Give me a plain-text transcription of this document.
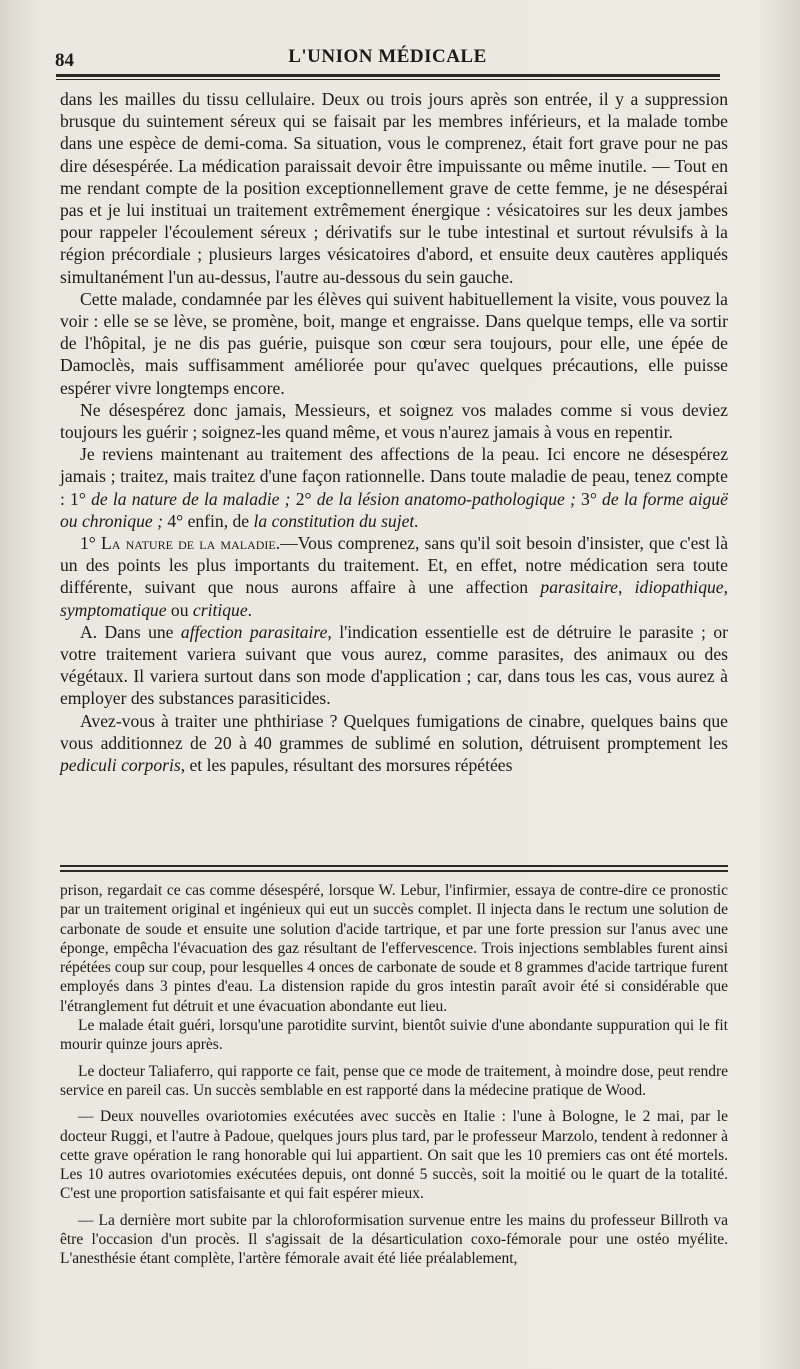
84	L'UNION MÉDICALE

dans les mailles du tissu cellulaire. Deux ou trois jours après son entrée, il y a suppression brusque du suintement séreux qui se faisait par les membres inférieurs, et la malade tombe dans une espèce de demi-coma. Sa situation, vous le comprenez, était fort grave pour ne pas dire désespérée. La médication paraissait devoir être impuissante ou même inutile. — Tout en me rendant compte de la position exceptionnellement grave de cette femme, je ne désespérai pas et je lui instituai un traitement extrêmement énergique : vésicatoires sur les deux jambes pour rappeler l'écoulement séreux ; dérivatifs sur le tube intestinal et surtout révulsifs à la région précordiale ; plusieurs larges vésicatoires d'abord, et ensuite deux cautères appliqués simultanément l'un au-dessus, l'autre au-dessous du sein gauche.

Cette malade, condamnée par les élèves qui suivent habituellement la visite, vous pouvez la voir : elle se se lève, se promène, boit, mange et engraisse. Dans quelque temps, elle va sortir de l'hôpital, je ne dis pas guérie, puisque son cœur sera toujours, pour elle, une épée de Damoclès, mais suffisamment améliorée pour qu'avec quelques précautions, elle puisse espérer vivre longtemps encore.

Ne désespérez donc jamais, Messieurs, et soignez vos malades comme si vous deviez toujours les guérir ; soignez-les quand même, et vous n'aurez jamais à vous en repentir.

Je reviens maintenant au traitement des affections de la peau. Ici encore ne désespérez jamais ; traitez, mais traitez d'une façon rationnelle. Dans toute maladie de peau, tenez compte : 1° de la nature de la maladie ; 2° de la lésion anatomo-pathologique ; 3° de la forme aiguë ou chronique ; 4° enfin, de la constitution du sujet.

1° La nature de la maladie.—Vous comprenez, sans qu'il soit besoin d'insister, que c'est là un des points les plus importants du traitement. Et, en effet, notre médication sera toute différente, suivant que nous aurons affaire à une affection parasitaire, idiopathique, symptomatique ou critique.

A. Dans une affection parasitaire, l'indication essentielle est de détruire le parasite ; or votre traitement variera suivant que vous aurez, comme parasites, des animaux ou des végétaux. Il variera surtout dans son mode d'application ; car, dans tous les cas, vous aurez à employer des substances parasiticides.

Avez-vous à traiter une phthiriase ? Quelques fumigations de cinabre, quelques bains que vous additionnez de 20 à 40 grammes de sublimé en solution, détruisent promptement les pediculi corporis, et les papules, résultant des morsures répétées

prison, regardait ce cas comme désespéré, lorsque W. Lebur, l'infirmier, essaya de contre-dire ce pronostic par un traitement original et ingénieux qui eut un succès complet. Il injecta dans le rectum une solution de carbonate de soude et ensuite une solution d'acide tartrique, et par une forte pression sur l'anus avec une éponge, empêcha l'évacuation des gaz résultant de l'effervescence. Trois injections semblables furent ainsi répétées coup sur coup, pour lesquelles 4 onces de carbonate de soude et 8 grammes d'acide tartrique furent employés dans 3 pintes d'eau. La distension rapide du gros intestin paraît avoir été si considérable que l'étranglement fut détruit et une évacuation abondante eut lieu.

Le malade était guéri, lorsqu'une parotidite survint, bientôt suivie d'une abondante suppuration qui le fit mourir quinze jours après.

Le docteur Taliaferro, qui rapporte ce fait, pense que ce mode de traitement, à moindre dose, peut rendre service en pareil cas. Un succès semblable en est rapporté dans la médecine pratique de Wood.

— Deux nouvelles ovariotomies exécutées avec succès en Italie : l'une à Bologne, le 2 mai, par le docteur Ruggi, et l'autre à Padoue, quelques jours plus tard, par le professeur Marzolo, tendent à redonner à cette grave opération le rang honorable qui lui appartient. On sait que les 10 premiers cas ont été mortels. Les 10 autres ovariotomies exécutées depuis, ont donné 5 succès, soit la moitié ou le quart de la totalité. C'est une proportion satisfaisante et qui fait espérer mieux.

— La dernière mort subite par la chloroformisation survenue entre les mains du professeur Billroth va être l'occasion d'un procès. Il s'agissait de la désarticulation coxo-fémorale pour une ostéo myélite. L'anesthésie étant complète, l'artère fémorale avait été liée préalablement,
